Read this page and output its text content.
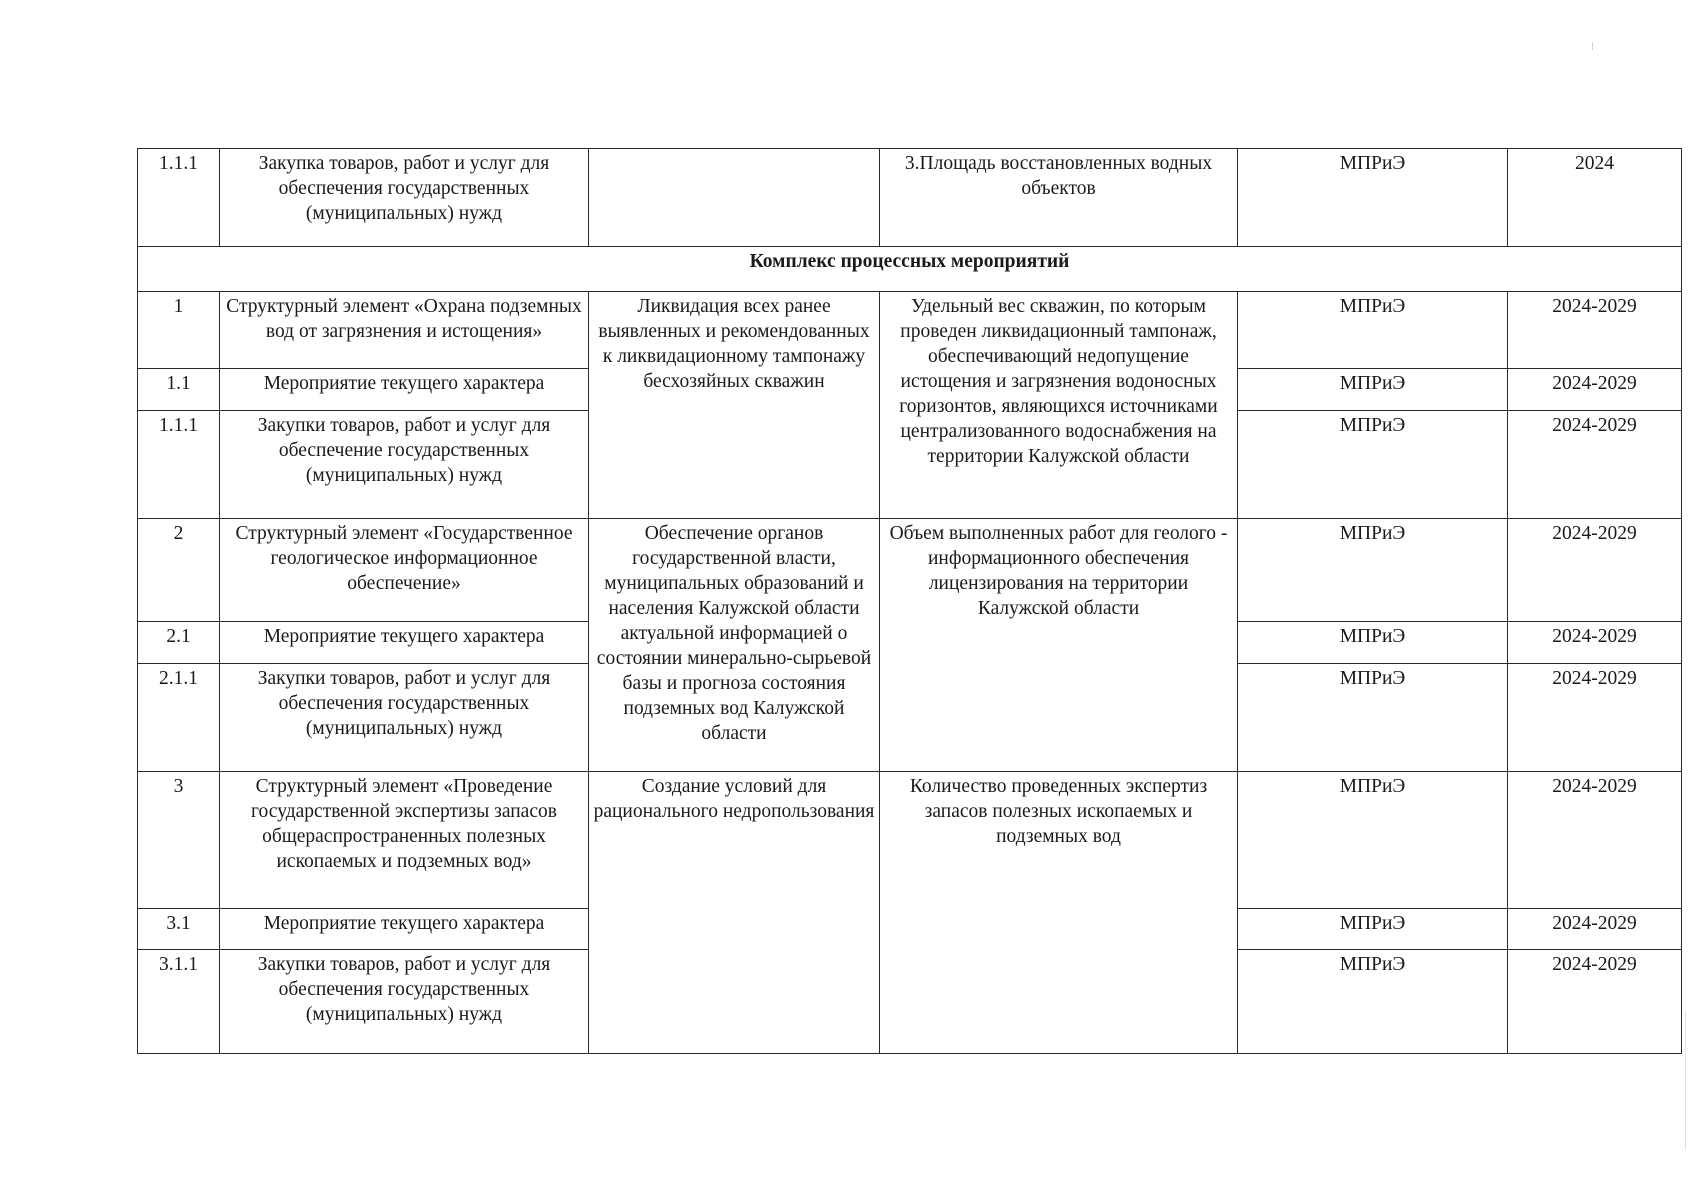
1.1.1	Закупка товаров, работ и услуг для обеспечения государственных (муниципальных) нужд		3.Площадь восстановленных водных объектов	МПРиЭ	2024
Комплекс процессных мероприятий					
1	Структурный элемент «Охрана подземных вод от загрязнения и истощения»	Ликвидация всех ранее выявленных и рекомендованных к ликвидационному тампонажу бесхозяйных скважин	Удельный вес скважин, по которым проведен ликвидационный тампонаж, обеспечивающий недопущение истощения и загрязнения водоносных горизонтов, являющихся источниками централизованного водоснабжения на территории Калужской области	МПРиЭ	2024-2029
1.1	Мероприятие текущего характера			МПРиЭ	2024-2029
1.1.1	Закупки товаров, работ и услуг для обеспечение государственных (муниципальных) нужд			МПРиЭ	2024-2029
2	Структурный элемент «Государственное геологическое информационное обеспечение»	Обеспечение органов государственной власти, муниципальных образований и населения Калужской области актуальной информацией о состоянии минерально-сырьевой базы и прогноза состояния подземных вод Калужской области	Объем выполненных работ для геолого - информационного обеспечения лицензирования на территории Калужской области	МПРиЭ	2024-2029
2.1	Мероприятие текущего характера			МПРиЭ	2024-2029
2.1.1	Закупки товаров, работ и услуг для обеспечения государственных (муниципальных) нужд			МПРиЭ	2024-2029
3	Структурный элемент «Проведение государственной экспертизы запасов общераспространенных полезных ископаемых и подземных вод»	Создание условий для рационального недропользования	Количество проведенных экспертиз запасов полезных ископаемых и подземных вод	МПРиЭ	2024-2029
3.1	Мероприятие текущего характера			МПРиЭ	2024-2029
3.1.1	Закупки товаров, работ и услуг для обеспечения государственных (муниципальных) нужд			МПРиЭ	2024-2029
